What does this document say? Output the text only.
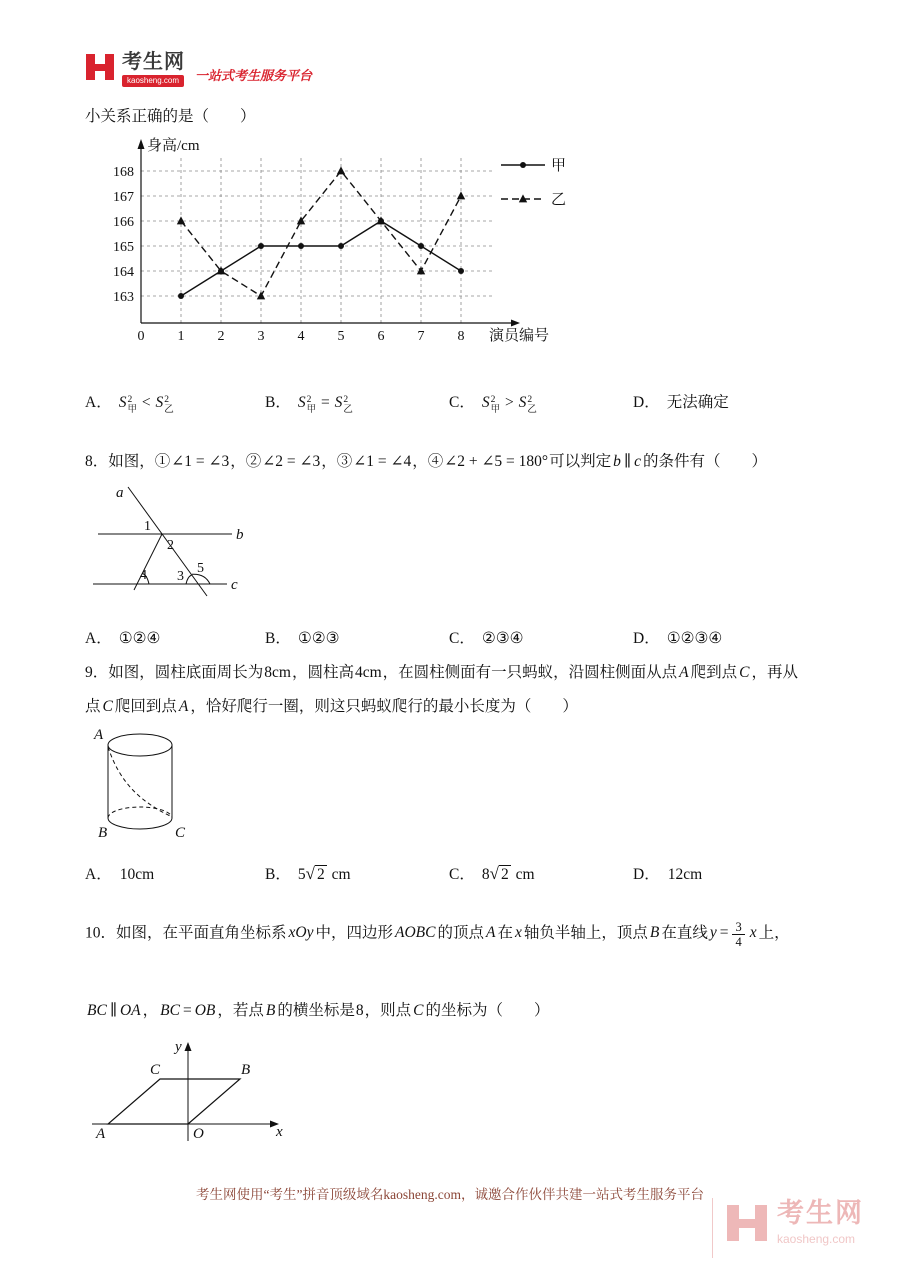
考生网
kaosheng.com	一站式考生服务平台
小关系正确的是（　　）
163
164
165
166
167
168
0 1 2 3 4 5 6 7 8
身高/cm
演员编号
甲
乙
A． S 2
甲 < S 2
乙	B． S 2
甲 = S 2
乙	C． S 2
甲 > S 2
乙	D． 无法确定
8．如图，①∠1 = ∠3，②∠2 = ∠3，③∠1 = ∠4，④∠2 + ∠5 = 180°可以判定 b ∥ c 的条件有（　　）
a
b
c
1
2
3
4	5
A． ①②④	B． ①②③	C． ②③④	D． ①②③④
9．如图，圆柱底面周长为8cm，圆柱高4cm，在圆柱侧面有一只蚂蚁，沿圆柱侧面从点 A 爬到点 C ，再从
点 C 爬回到点 A ，恰好爬行一圈，则这只蚂蚁爬行的最小长度为（　　）
A
B	C
A． 10cm	B． 5√ 2 cm	C． 8√ 2 cm	D． 12cm
10．如图，在平面直角坐标系 xOy 中，四边形 AOBC 的顶点 A 在 x 轴负半轴上，顶点 B 在直线 $y = \frac{3}{4}$ x 上，
BC ∥ OA ， BC = OB ，若点 B 的横坐标是8，则点 C 的坐标为（　　）
y
x
O
A
B
C
考生网使用“考生”拼音顶级域名kaosheng.com，诚邀合作伙伴共建一站式考生服务平台
考生网
kaosheng.com
